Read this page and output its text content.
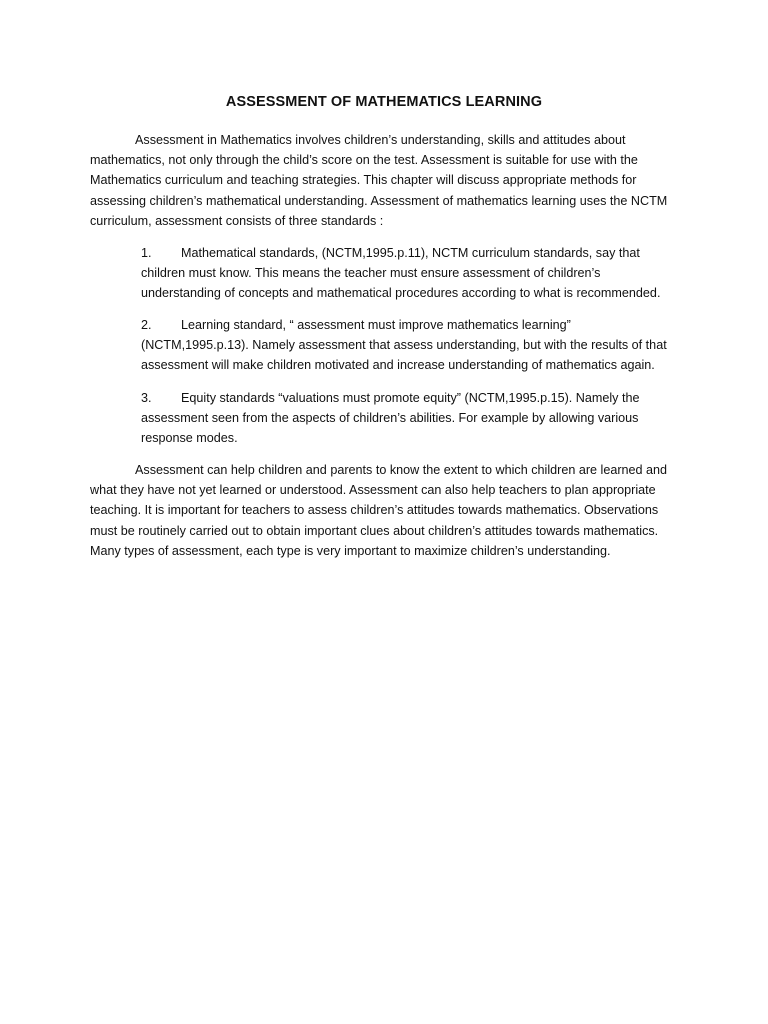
ASSESSMENT OF MATHEMATICS LEARNING

Assessment in Mathematics involves children’s understanding, skills and attitudes about mathematics, not only through the child’s score on the test. Assessment is suitable for use with the Mathematics curriculum and teaching strategies. This chapter will discuss appropriate methods for assessing children’s mathematical understanding. Assessment of mathematics learning uses the NCTM curriculum, assessment consists of three standards :

1. Mathematical standards, (NCTM,1995.p.11), NCTM curriculum standards, say that children must know. This means the teacher must ensure assessment of children’s understanding of concepts and mathematical procedures according to what is recommended.

2. Learning standard, “ assessment must improve mathematics learning” (NCTM,1995.p.13). Namely assessment that assess understanding, but with the results of that assessment will make children motivated and increase understanding of mathematics again.

3. Equity standards “valuations must promote equity” (NCTM,1995.p.15). Namely the assessment seen from the aspects of children’s abilities. For example by allowing various response modes.

Assessment can help children and parents to know the extent to which children are learned and what they have not yet learned or understood. Assessment can also help teachers to plan appropriate teaching. It is important for teachers to assess children’s attitudes towards mathematics. Observations must be routinely carried out to obtain important clues about children’s attitudes towards mathematics. Many types of assessment, each type is very important to maximize children’s understanding.
